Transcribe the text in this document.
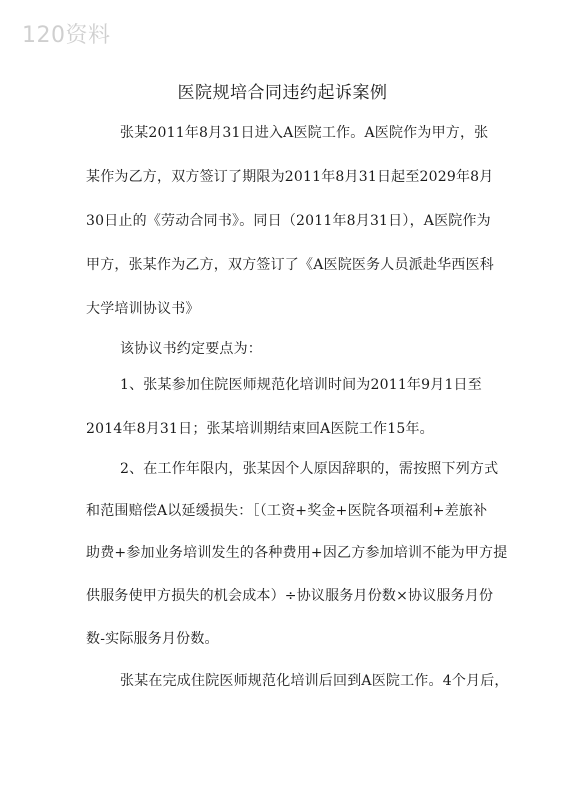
120资料
医院规培合同违约起诉案例
张某2011年8月31日进入A医院工作。A医院作为甲方，张
某作为乙方，双方签订了期限为2011年8月31日起至2029年8月
30日止的《劳动合同书》。同日（2011年8月31日），A医院作为
甲方，张某作为乙方，双方签订了《A医院医务人员派赴华西医科
大学培训协议书》
该协议书约定要点为：
1、张某参加住院医师规范化培训时间为2011年9月1日至
2014年8月31日；张某培训期结束回A医院工作15年。
2、在工作年限内，张某因个人原因辞职的，需按照下列方式
和范围赔偿A以延缓损失：［（工资+奖金+医院各项福利+差旅补
助费+参加业务培训发生的各种费用+因乙方参加培训不能为甲方提
供服务使甲方损失的机会成本）÷协议服务月份数×协议服务月份
数-实际服务月份数。
张某在完成住院医师规范化培训后回到A医院工作。4个月后，
